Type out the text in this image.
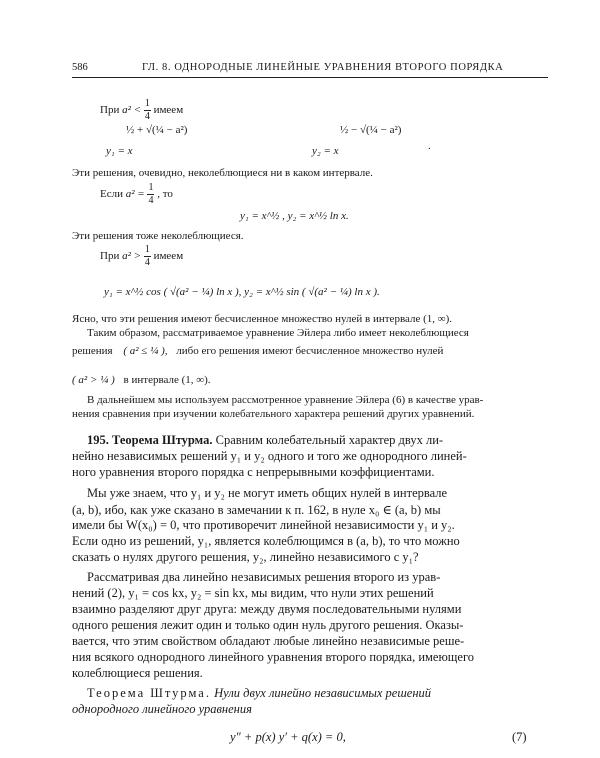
586	ГЛ. 8. ОДНОРОДНЫЕ ЛИНЕЙНЫЕ УРАВНЕНИЯ ВТОРОГО ПОРЯДКА
При $a^2 < \frac{1}{4}$ имеем
½ + √(¼ − a²)
y₁ = x
½ − √(¼ − a²)
y₂ = x	.
Эти решения, очевидно, неколеблющиеся ни в каком интервале.
Если $a^2 = \frac{1}{4}$ , то
y₁ = x^½ , y₂ = x^½ ln x.
Эти решения тоже неколеблющиеся.
При $a^2 > \frac{1}{4}$ имеем
y₁ = x^½ cos ( √(a² − ¼) ln x ), y₂ = x^½ sin ( √(a² − ¼) ln x ).
Ясно, что эти решения имеют бесчисленное множество нулей в интервале (1, ∞).
Таким образом, рассматриваемое уравнение Эйлера либо имеет неколеблющиеся
решения ( a² ≤ ¼ ), либо его решения имеют бесчисленное множество нулей
( a² > ¼ ) в интервале (1, ∞).
В дальнейшем мы используем рассмотренное уравнение Эйлера (6) в качестве урав-
нения сравнения при изучении колебательного характера решений других уравнений.
195. Теорема Штурма. Сравним колебательный характер двух ли-
нейно независимых решений y₁ и y₂ одного и того же однородного линей-
ного уравнения второго порядка с непрерывными коэффициентами.
Мы уже знаем, что y₁ и y₂ не могут иметь общих нулей в интервале
(a, b), ибо, как уже сказано в замечании к п. 162, в нуле x₀ ∈ (a, b) мы
имели бы W(x₀) = 0, что противоречит линейной независимости y₁ и y₂.
Если одно из решений, y₁, является колеблющимся в (a, b), то что можно
сказать о нулях другого решения, y₂, линейно независимого с y₁?
Рассматривая два линейно независимых решения второго из урав-
нений (2), y₁ = cos kx, y₂ = sin kx, мы видим, что нули этих решений
взаимно разделяют друг друга: между двумя последовательными нулями
одного решения лежит один и только один нуль другого решения. Оказы-
вается, что этим свойством обладают любые линейно независимые реше-
ния всякого однородного линейного уравнения второго порядка, имеющего
колеблющиеся решения.
Теорема Штурма. Нули двух линейно независимых решений
однородного линейного уравнения
y″ + p(x) y′ + q(x) = 0,	(7)
